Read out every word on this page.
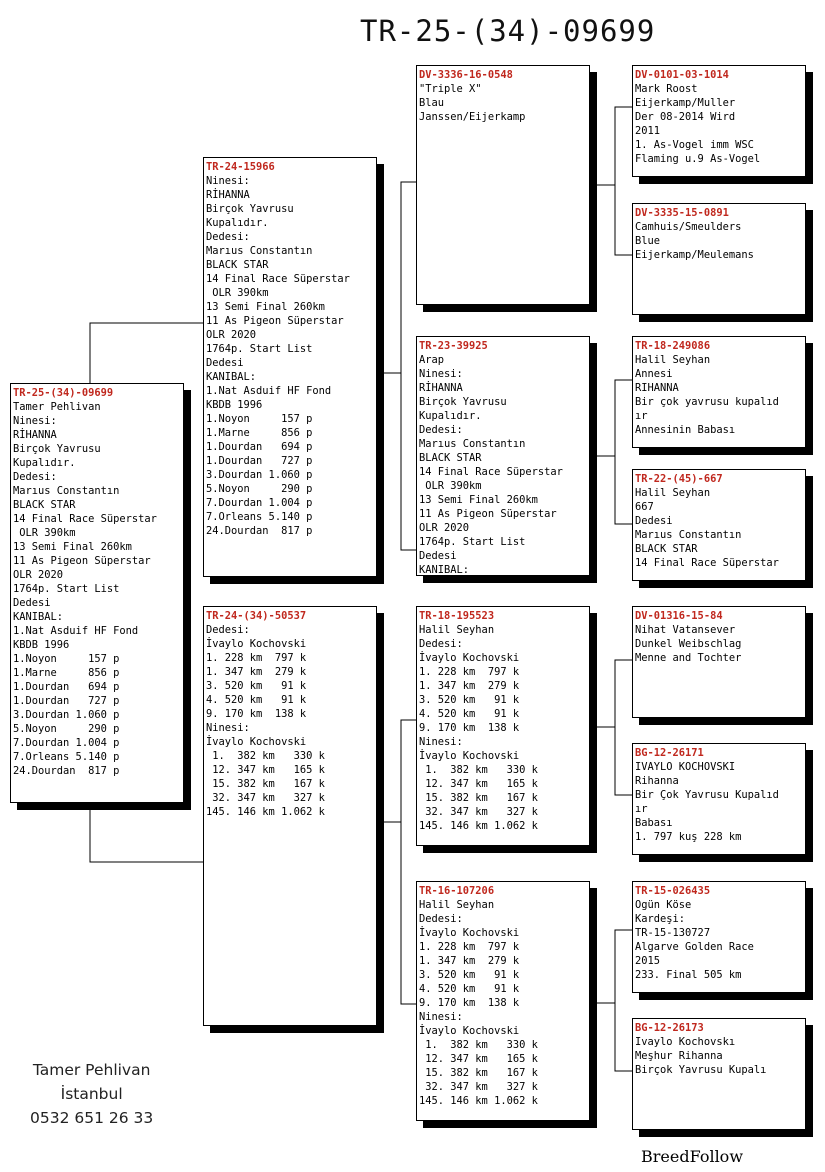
TR-25-(34)-09699
TR-25-(34)-09699
Tamer Pehlivan
Ninesi:
RİHANNA
Birçok Yavrusu
Kupalıdır.
Dedesi:
Marıus Constantın
BLACK STAR
14 Final Race Süperstar
OLR 390km
13 Semi Final 260km
11 As Pigeon Süperstar
OLR 2020
1764p. Start List
Dedesi
KANIBAL:
1.Nat Asduif HF Fond
KBDB 1996
1.Noyon     157 p
1.Marne     856 p
1.Dourdan   694 p
1.Dourdan   727 p
3.Dourdan 1.060 p
5.Noyon     290 p
7.Dourdan 1.004 p
7.Orleans 5.140 p
24.Dourdan  817 p
TR-24-15966
Ninesi:
RİHANNA
Birçok Yavrusu
Kupalıdır.
Dedesi:
Marıus Constantın
BLACK STAR
14 Final Race Süperstar
OLR 390km
13 Semi Final 260km
11 As Pigeon Süperstar
OLR 2020
1764p. Start List
Dedesi
KANIBAL:
1.Nat Asduif HF Fond
KBDB 1996
1.Noyon     157 p
1.Marne     856 p
1.Dourdan   694 p
1.Dourdan   727 p
3.Dourdan 1.060 p
5.Noyon     290 p
7.Dourdan 1.004 p
7.Orleans 5.140 p
24.Dourdan  817 p
TR-24-(34)-50537
Dedesi:
İvaylo Kochovski
1. 228 km  797 k
1. 347 km  279 k
3. 520 km   91 k
4. 520 km   91 k
9. 170 km  138 k
Ninesi:
İvaylo Kochovski
1.  382 km   330 k
12. 347 km   165 k
15. 382 km   167 k
32. 347 km   327 k
145. 146 km 1.062 k
DV-3336-16-0548
"Triple X"
Blau
Janssen/Eijerkamp
TR-23-39925
Arap
Ninesi:
RİHANNA
Birçok Yavrusu
Kupalıdır.
Dedesi:
Marıus Constantın
BLACK STAR
14 Final Race Süperstar
OLR 390km
13 Semi Final 260km
11 As Pigeon Süperstar
OLR 2020
1764p. Start List
Dedesi
KANIBAL:
TR-18-195523
Halil Seyhan
Dedesi:
İvaylo Kochovski
1. 228 km  797 k
1. 347 km  279 k
3. 520 km   91 k
4. 520 km   91 k
9. 170 km  138 k
Ninesi:
İvaylo Kochovski
1.  382 km   330 k
12. 347 km   165 k
15. 382 km   167 k
32. 347 km   327 k
145. 146 km 1.062 k
TR-16-107206
Halil Seyhan
Dedesi:
İvaylo Kochovski
1. 228 km  797 k
1. 347 km  279 k
3. 520 km   91 k
4. 520 km   91 k
9. 170 km  138 k
Ninesi:
İvaylo Kochovski
1.  382 km   330 k
12. 347 km   165 k
15. 382 km   167 k
32. 347 km   327 k
145. 146 km 1.062 k
DV-0101-03-1014
Mark Roost
Eijerkamp/Muller
Der 08-2014 Wird
2011
1. As-Vogel imm WSC
Flaming u.9 As-Vogel
DV-3335-15-0891
Camhuis/Smeulders
Blue
Eijerkamp/Meulemans
TR-18-249086
Halil Seyhan
Annesi
RIHANNA
Bir çok yavrusu kupalıd
ır
Annesinin Babası
TR-22-(45)-667
Halil Seyhan
667
Dedesi
Marıus Constantın
BLACK STAR
14 Final Race Süperstar
DV-01316-15-84
Nihat Vatansever
Dunkel Weibschlag
Menne and Tochter
BG-12-26171
IVAYLO KOCHOVSKI
Rihanna
Bir Çok Yavrusu Kupalıd
ır
Babası
1. 797 kuş 228 km
TR-15-026435
Ogün Köse
Kardeşi:
TR-15-130727
Algarve Golden Race
2015
233. Final 505 km
BG-12-26173
Ivaylo Kochovskı
Meşhur Rihanna
Birçok Yavrusu Kupalı
Tamer Pehlivan
İstanbul
0532 651 26 33
BreedFollow
